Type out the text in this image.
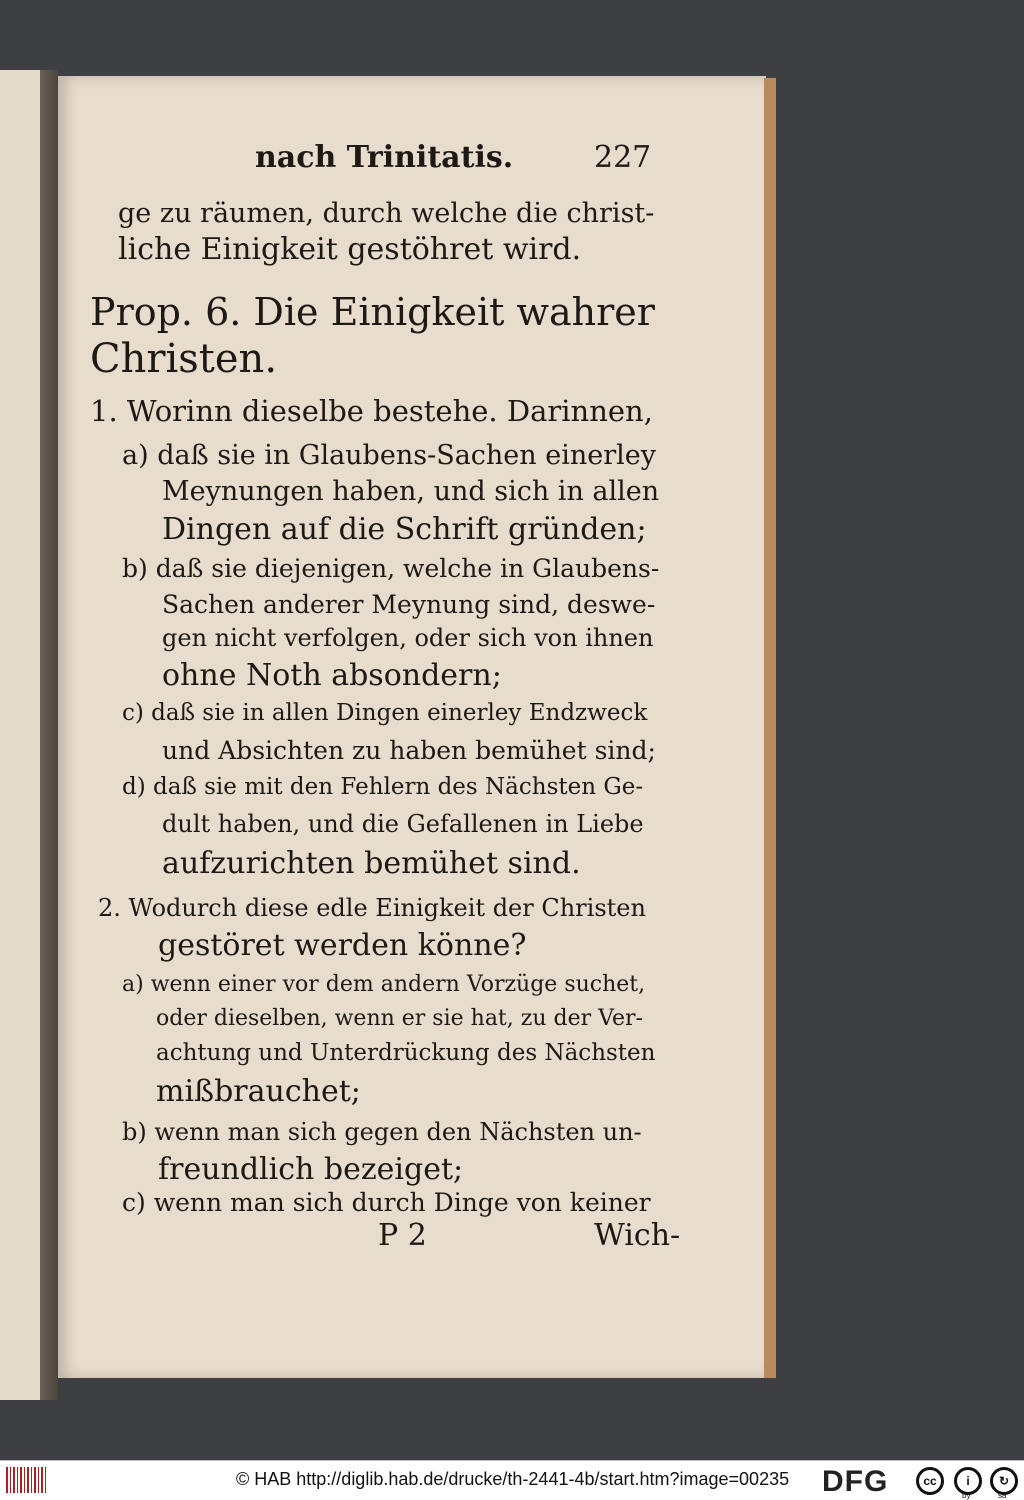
nach Trinitatis.	227
ge zu räumen, durch welche die christ-
liche Einigkeit gestöhret wird.
Prop. 6. Die Einigkeit wahrer
Christen.
1. Worinn dieselbe bestehe. Darinnen,
a) daß sie in Glaubens-Sachen einerley
Meynungen haben, und sich in allen
Dingen auf die Schrift gründen;
b) daß sie diejenigen, welche in Glaubens-
Sachen anderer Meynung sind, deswe-
gen nicht verfolgen, oder sich von ihnen
ohne Noth absondern;
c) daß sie in allen Dingen einerley Endzweck
und Absichten zu haben bemühet sind;
d) daß sie mit den Fehlern des Nächsten Ge-
dult haben, und die Gefallenen in Liebe
aufzurichten bemühet sind.
2. Wodurch diese edle Einigkeit der Christen
gestöret werden könne?
a) wenn einer vor dem andern Vorzüge suchet,
oder dieselben, wenn er sie hat, zu der Ver-
achtung und Unterdrückung des Nächsten
mißbrauchet;
b) wenn man sich gegen den Nächsten un-
freundlich bezeiget;
c) wenn man sich durch Dinge von keiner
P 2	Wich-
© HAB http://diglib.hab.de/drucke/th-2441-4b/start.htm?image=00235 DFG	cc	i	↻
by	sa
